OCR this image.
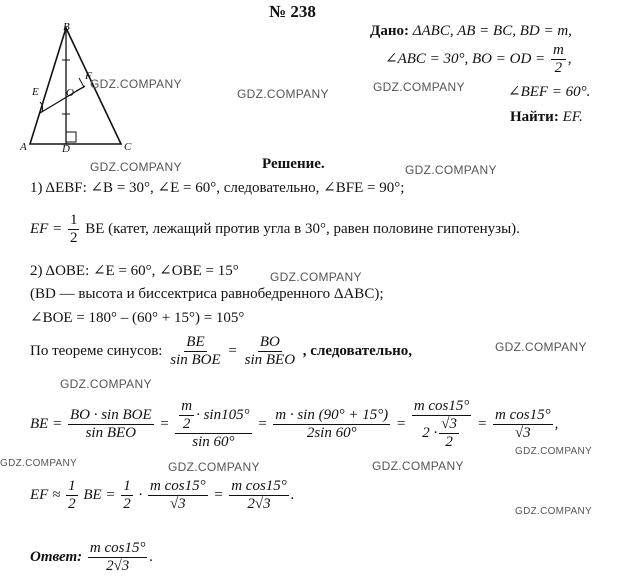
№ 238
B
A	C
D
E
F
O
Дано: ΔABC, AB = BC, BD = m,
∠ABC = 30°, BO = OD = $\frac{m}{2}$ ,
∠BEF = 60°.
Найти: EF.
Решение.
1) ΔEBF: ∠B = 30°, ∠E = 60°, следовательно, ∠BFE = 90°;
EF = $\frac{1}{2}$ BE (катет, лежащий против угла в 30°, равен половине гипотенузы).
2) ΔOBE: ∠E = 60°, ∠OBE = 15°
(BD — высота и биссектриса равнобедренного ΔABC);
∠BOE = 180° – (60° + 15°) = 105°
По теореме синусов: $\frac{BE}{\text{sin BOE}} = \frac{BO}{\text{sin BEO}}$ , следовательно,
BE = $\frac{\text{BO · sin BOE}}{\text{sin BEO}} = \frac{\frac{m}{2} \cdot \sin 105^\circ}{\sin 60^\circ} = \frac{m \cdot \sin (90^\circ + 15^\circ)}{2\sin 60^\circ} = \frac{\text{m cos15°}}{2 \cdot \frac{√3}{2}} = \frac{\text{m cos15°}}{√3}$ ,
EF ≈ $\frac{1}{2}$ BE = $\frac{1}{2} \cdot \frac{\text{m cos15°}}{√3} = \frac{\text{m cos15°}}{2√3}$ .
Ответ: $\frac{\text{m cos15°}}{2√3}$ .
GDZ.COMPANY
GDZ.COMPANY	GDZ.COMPANY
GDZ.COMPANY	GDZ.COMPANY
GDZ.COMPANY
GDZ.COMPANY
GDZ.COMPANY
GDZ.COMPANY	GDZ.COMPANY	GDZ.COMPANY
GDZ.COMPANY
GDZ.COMPANY
